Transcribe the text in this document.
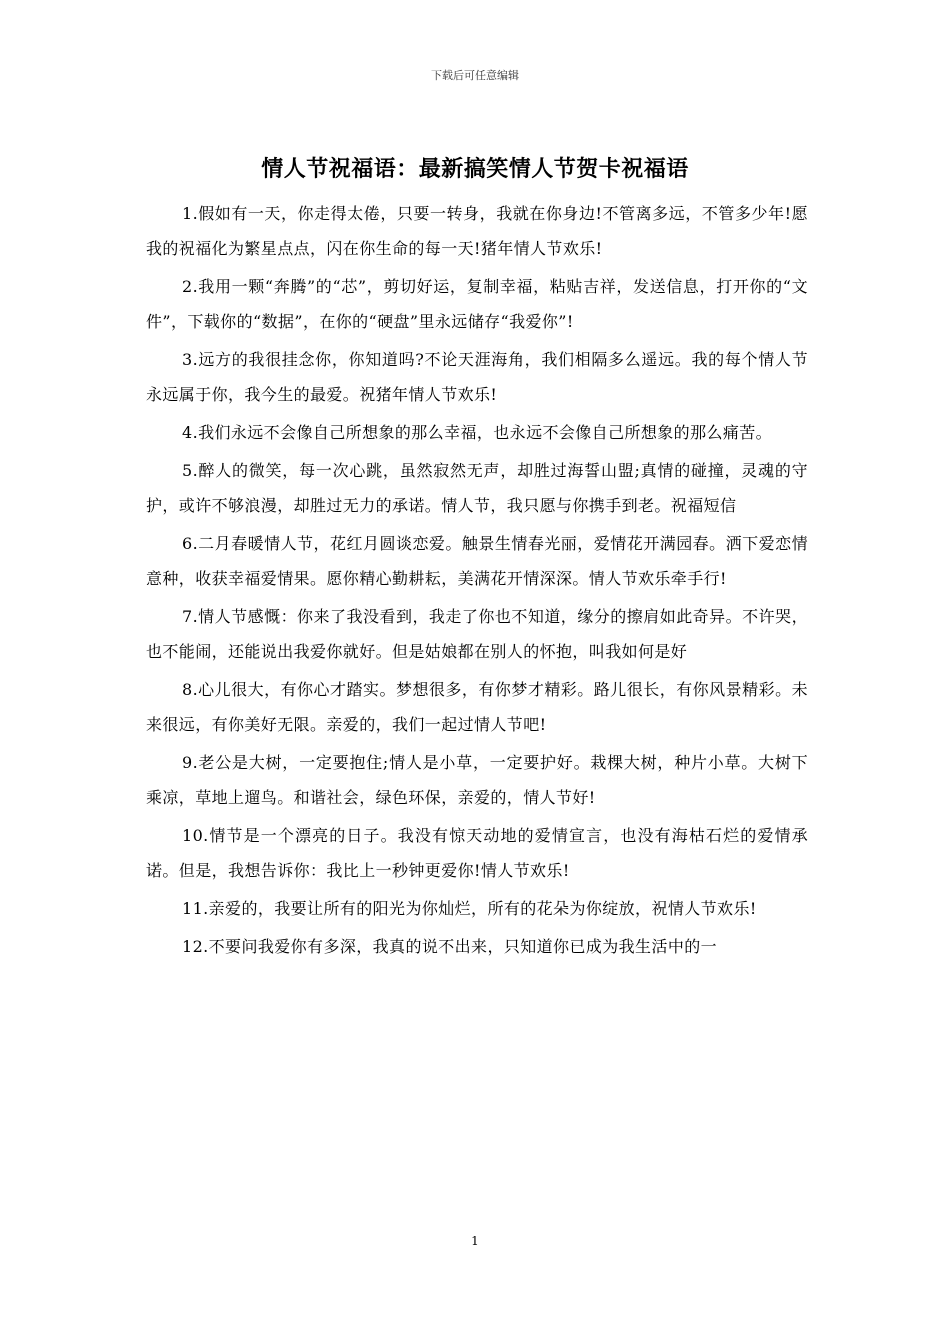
下载后可任意编辑
情人节祝福语：最新搞笑情人节贺卡祝福语

1.假如有一天，你走得太倦，只要一转身，我就在你身边!不管离多远，不管多少年!愿我的祝福化为繁星点点，闪在你生命的每一天!猪年情人节欢乐!

2.我用一颗“奔腾”的“芯”，剪切好运，复制幸福，粘贴吉祥，发送信息，打开你的“文件”，下载你的“数据”，在你的“硬盘”里永远储存“我爱你”!

3.远方的我很挂念你，你知道吗?不论天涯海角，我们相隔多么遥远。我的每个情人节永远属于你，我今生的最爱。祝猪年情人节欢乐!

4.我们永远不会像自己所想象的那么幸福，也永远不会像自己所想象的那么痛苦。

5.醉人的微笑，每一次心跳，虽然寂然无声，却胜过海誓山盟;真情的碰撞，灵魂的守护，或许不够浪漫，却胜过无力的承诺。情人节，我只愿与你携手到老。祝福短信

6.二月春暖情人节，花红月圆谈恋爱。触景生情春光丽，爱情花开满园春。洒下爱恋情意种，收获幸福爱情果。愿你精心勤耕耘，美满花开情深深。情人节欢乐牵手行!

7.情人节感慨：你来了我没看到，我走了你也不知道，缘分的擦肩如此奇异。不许哭，也不能闹，还能说出我爱你就好。但是姑娘都在别人的怀抱，叫我如何是好

8.心儿很大，有你心才踏实。梦想很多，有你梦才精彩。路儿很长，有你风景精彩。未来很远，有你美好无限。亲爱的，我们一起过情人节吧!

9.老公是大树，一定要抱住;情人是小草，一定要护好。栽棵大树，种片小草。大树下乘凉，草地上遛鸟。和谐社会，绿色环保，亲爱的，情人节好!

10.情节是一个漂亮的日子。我没有惊天动地的爱情宣言，也没有海枯石烂的爱情承诺。但是，我想告诉你：我比上一秒钟更爱你!情人节欢乐!

11.亲爱的，我要让所有的阳光为你灿烂，所有的花朵为你绽放，祝情人节欢乐!

12.不要问我爱你有多深，我真的说不出来，只知道你已成为我生活中的一

1
